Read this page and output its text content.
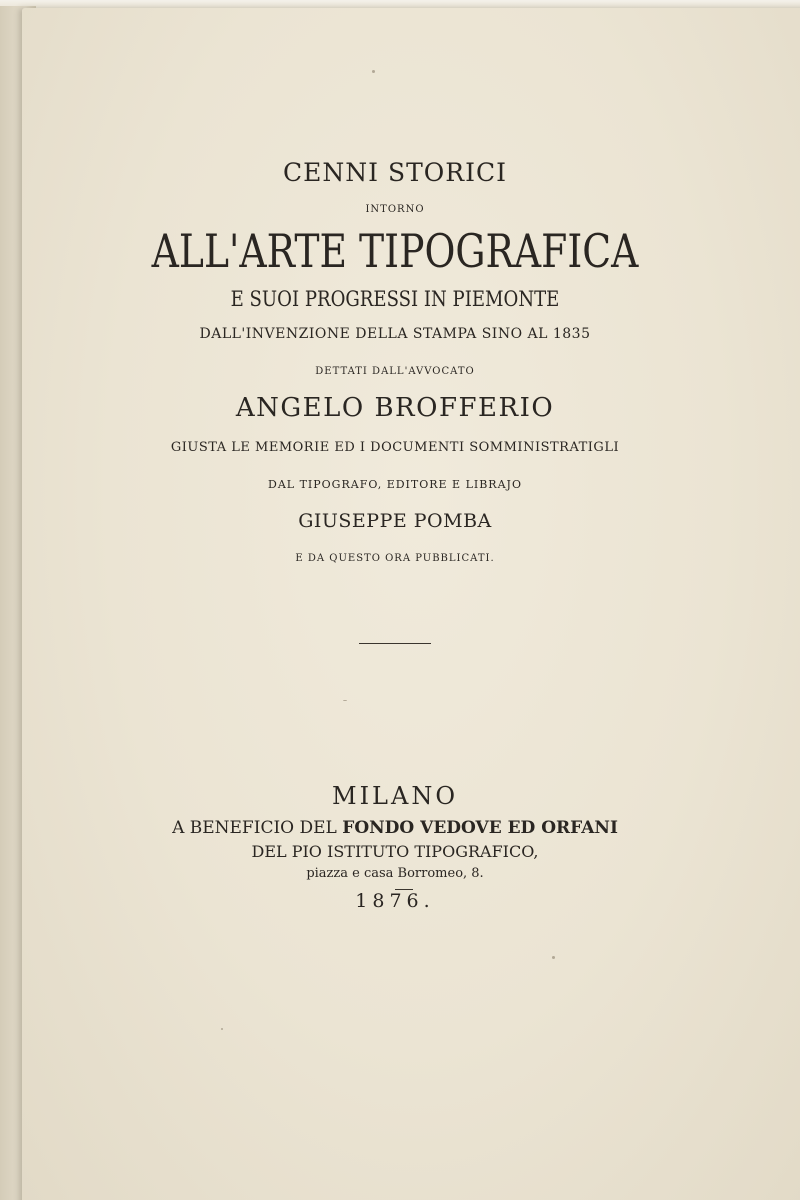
CENNI STORICI
INTORNO
ALL'ARTE TIPOGRAFICA
E SUOI PROGRESSI IN PIEMONTE
DALL'INVENZIONE DELLA STAMPA SINO AL 1835
DETTATI DALL'AVVOCATO
ANGELO BROFFERIO
GIUSTA LE MEMORIE ED I DOCUMENTI SOMMINISTRATIGLI
DAL TIPOGRAFO, EDITORE E LIBRAJO
GIUSEPPE POMBA
E DA QUESTO ORA PUBBLICATI.
MILANO
A BENEFICIO DEL FONDO VEDOVE ED ORFANI
DEL PIO ISTITUTO TIPOGRAFICO,
piazza e casa Borromeo, 8.
1876.
